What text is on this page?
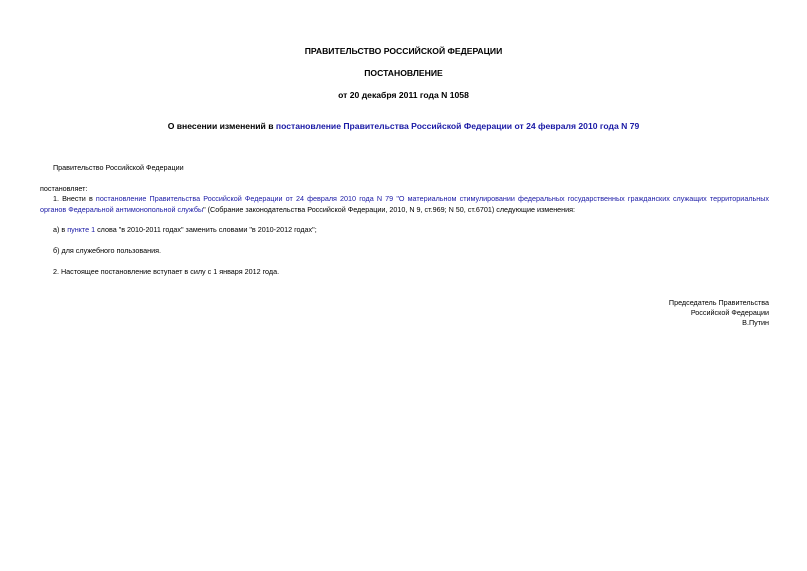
ПРАВИТЕЛЬСТВО РОССИЙСКОЙ ФЕДЕРАЦИИ
ПОСТАНОВЛЕНИЕ
от 20 декабря 2011 года N 1058
О внесении изменений в постановление Правительства Российской Федерации от 24 февраля 2010 года N 79
Правительство Российской Федерации
постановляет:
1. Внести в постановление Правительства Российской Федерации от 24 февраля 2010 года N 79 "О материальном стимулировании федеральных государственных гражданских служащих территориальных органов Федеральной антимонопольной службы" (Собрание законодательства Российской Федерации, 2010, N 9, ст.969; N 50, ст.6701) следующие изменения:
а) в пункте 1 слова "в 2010-2011 годах" заменить словами "в 2010-2012 годах";
б) для служебного пользования.
2. Настоящее постановление вступает в силу с 1 января 2012 года.
Председатель Правительства
Российской Федерации
В.Путин
